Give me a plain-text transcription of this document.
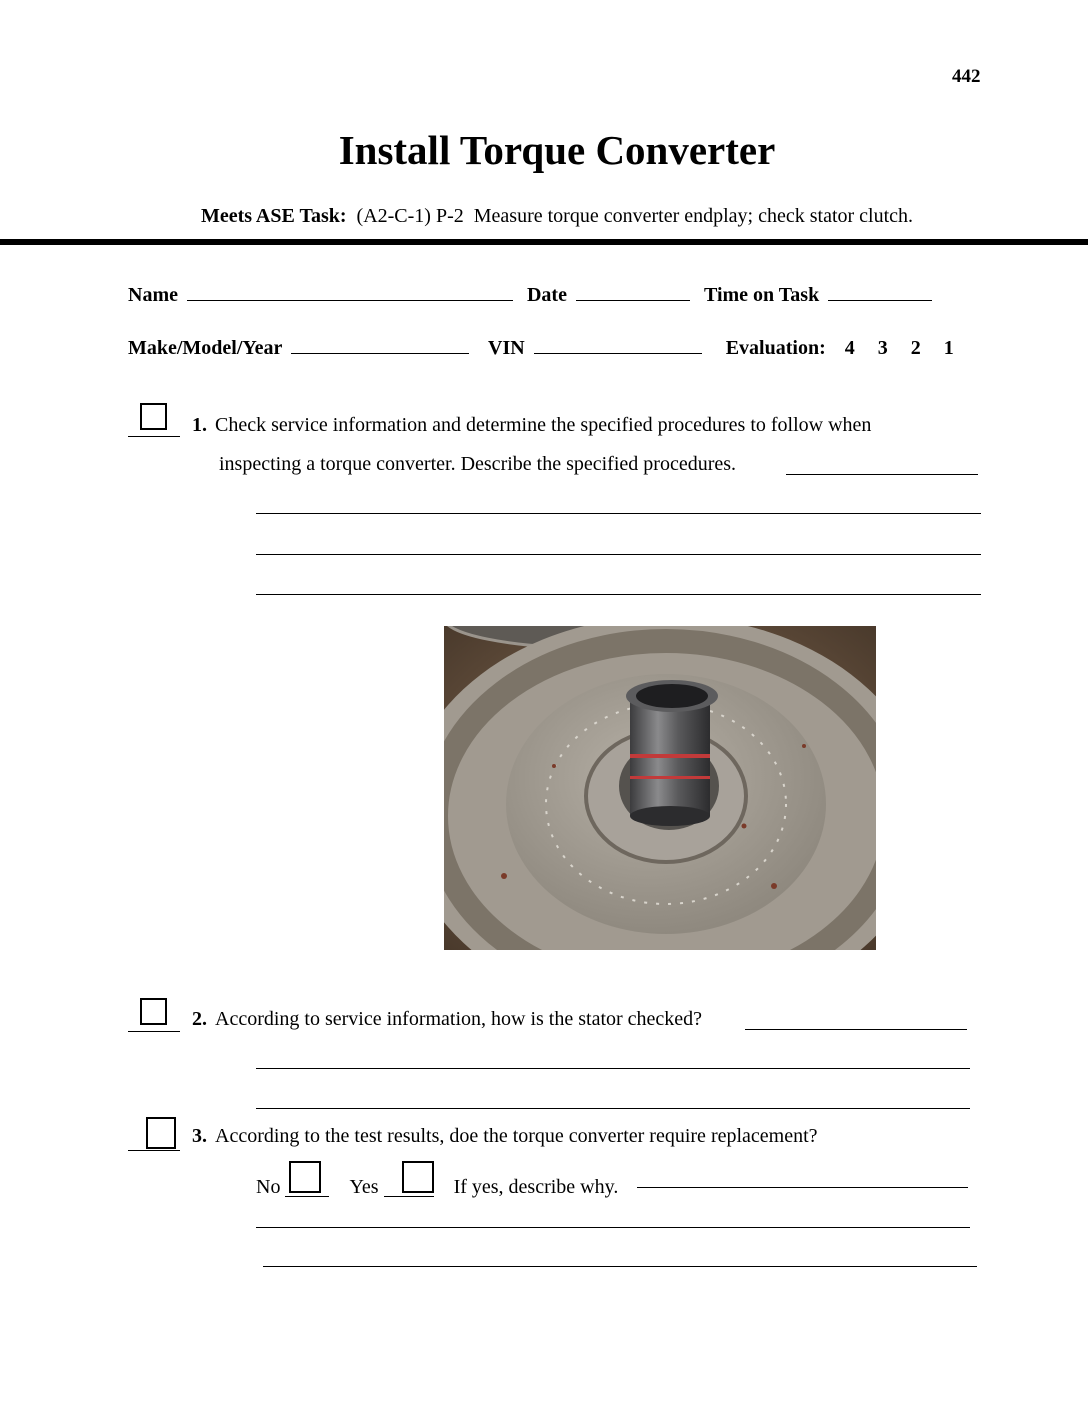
442
Install Torque Converter
Meets ASE Task: (A2-C-1) P-2 Measure torque converter endplay; check stator clutch.
Name	Date	Time on Task
Make/Model/Year	VIN	Evaluation: 4 3 2 1
1. Check service information and determine the specified procedures to follow when
inspecting a torque converter. Describe the specified procedures.
2. According to service information, how is the stator checked?
3. According to the test results, doe the torque converter require replacement?
No	Yes	If yes, describe why.
